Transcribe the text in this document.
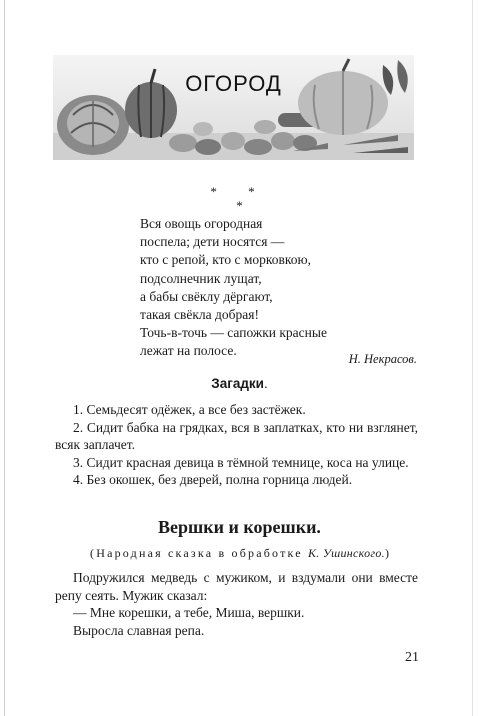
ОГОРОД
* *
*
Вся овощь огородная
поспела; дети носятся —
кто с репой, кто с морковкою,
подсолнечник лущат,
а бабы свёклу дёргают,
такая свёкла добрая!
Точь-в-точь — сапожки красные
лежат на полосе.
Н. Некрасов.
Загадки.

1. Семьдесят одёжек, а все без застёжек.

2. Сидит бабка на грядках, вся в заплатках, кто ни взглянет, всяк заплачет.

3. Сидит красная девица в тёмной темнице, коса на улице.

4. Без окошек, без дверей, полна горница людей.

Вершки и корешки.
(Народная сказка в обработке К. Ушинского.)

Подружился медведь с мужиком, и вздумали они вместе репу сеять. Мужик сказал:

— Мне корешки, а тебе, Миша, вершки.

Выросла славная репа.

21
